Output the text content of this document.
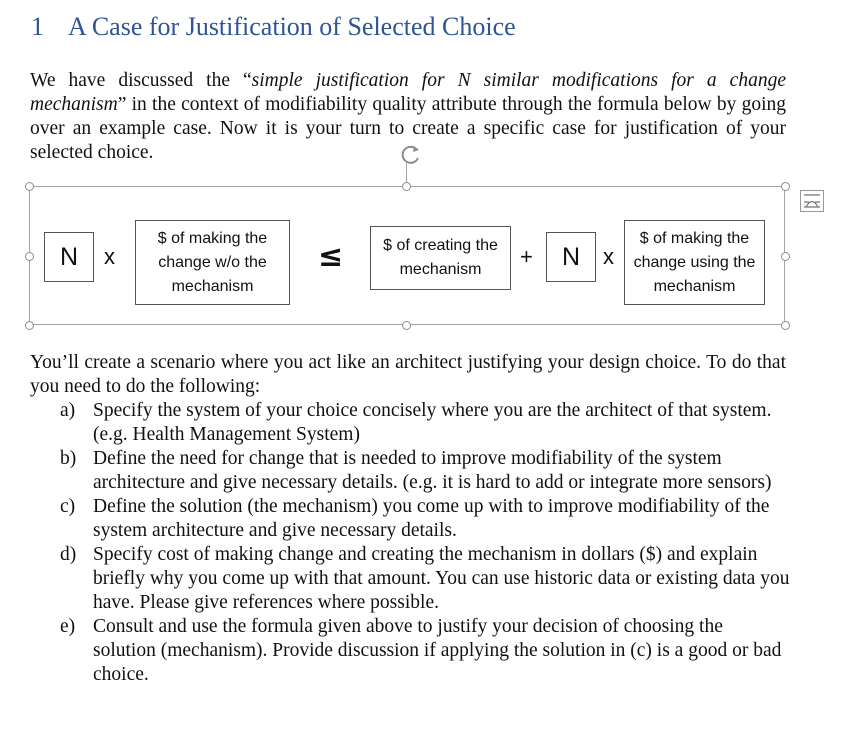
1 A Case for Justification of Selected Choice
We have discussed the “simple justification for N similar modifications for a change mechanism” in the context of modifiability quality attribute through the formula below by going over an example case. Now it is your turn to create a specific case for justification of your selected choice.
N	x
$ of making the change w/o the mechanism
≤	$ of creating the mechanism
+	N	x
$ of making the change using the mechanism
You’ll create a scenario where you act like an architect justifying your design choice. To do that you need to do the following:
a) Specify the system of your choice concisely where you are the architect of that system. (e.g. Health Management System)
b) Define the need for change that is needed to improve modifiability of the system architecture and give necessary details. (e.g. it is hard to add or integrate more sensors)
c) Define the solution (the mechanism) you come up with to improve modifiability of the system architecture and give necessary details.
d) Specify cost of making change and creating the mechanism in dollars ($) and explain briefly why you come up with that amount. You can use historic data or existing data you have. Please give references where possible.
e) Consult and use the formula given above to justify your decision of choosing the solution (mechanism). Provide discussion if applying the solution in (c) is a good or bad choice.
